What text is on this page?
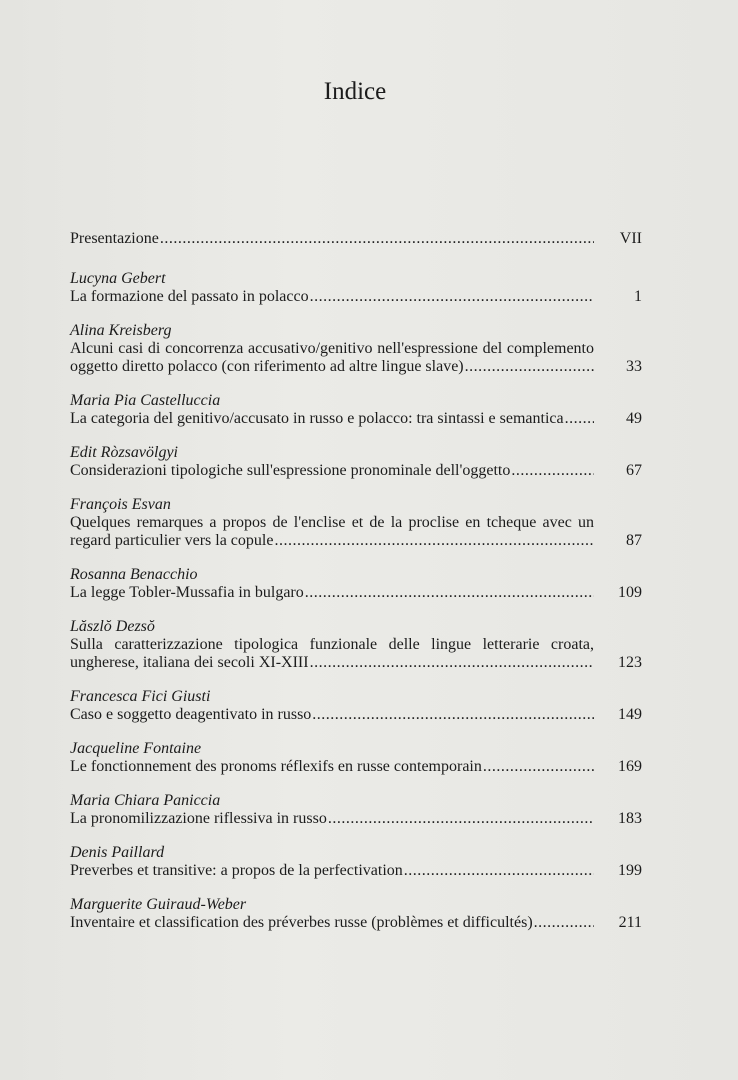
Indice
Presentazione .....	VII
Lucyna Gebert
La formazione del passato in polacco .....	1
Alina Kreisberg
Alcuni casi di concorrenza accusativo/genitivo nell'espressione del complemento
oggetto diretto polacco (con riferimento ad altre lingue slave) .....	33
Maria Pia Castelluccia
La categoria del genitivo/accusato in russo e polacco: tra sintassi e semantica .....	49
Edit Ròzsavölgyi
Considerazioni tipologiche sull'espressione pronominale dell'oggetto .....	67
François Esvan
Quelques remarques a propos de l'enclise et de la proclise en tcheque avec un
regard particulier vers la copule .....	87
Rosanna Benacchio
La legge Tobler-Mussafia in bulgaro .....	109
Lăszlŏ Dezsŏ
Sulla caratterizzazione tipologica funzionale delle lingue letterarie croata,
ungherese, italiana dei secoli XI-XIII .....	123
Francesca Fici Giusti
Caso e soggetto deagentivato in russo .....	149
Jacqueline Fontaine
Le fonctionnement des pronoms réflexifs en russe contemporain .....	169
Maria Chiara Paniccia
La pronomilizzazione riflessiva in russo .....	183
Denis Paillard
Preverbes et transitive: a propos de la perfectivation .....	199
Marguerite Guiraud-Weber
Inventaire et classification des préverbes russe (problèmes et difficultés) .....	211
